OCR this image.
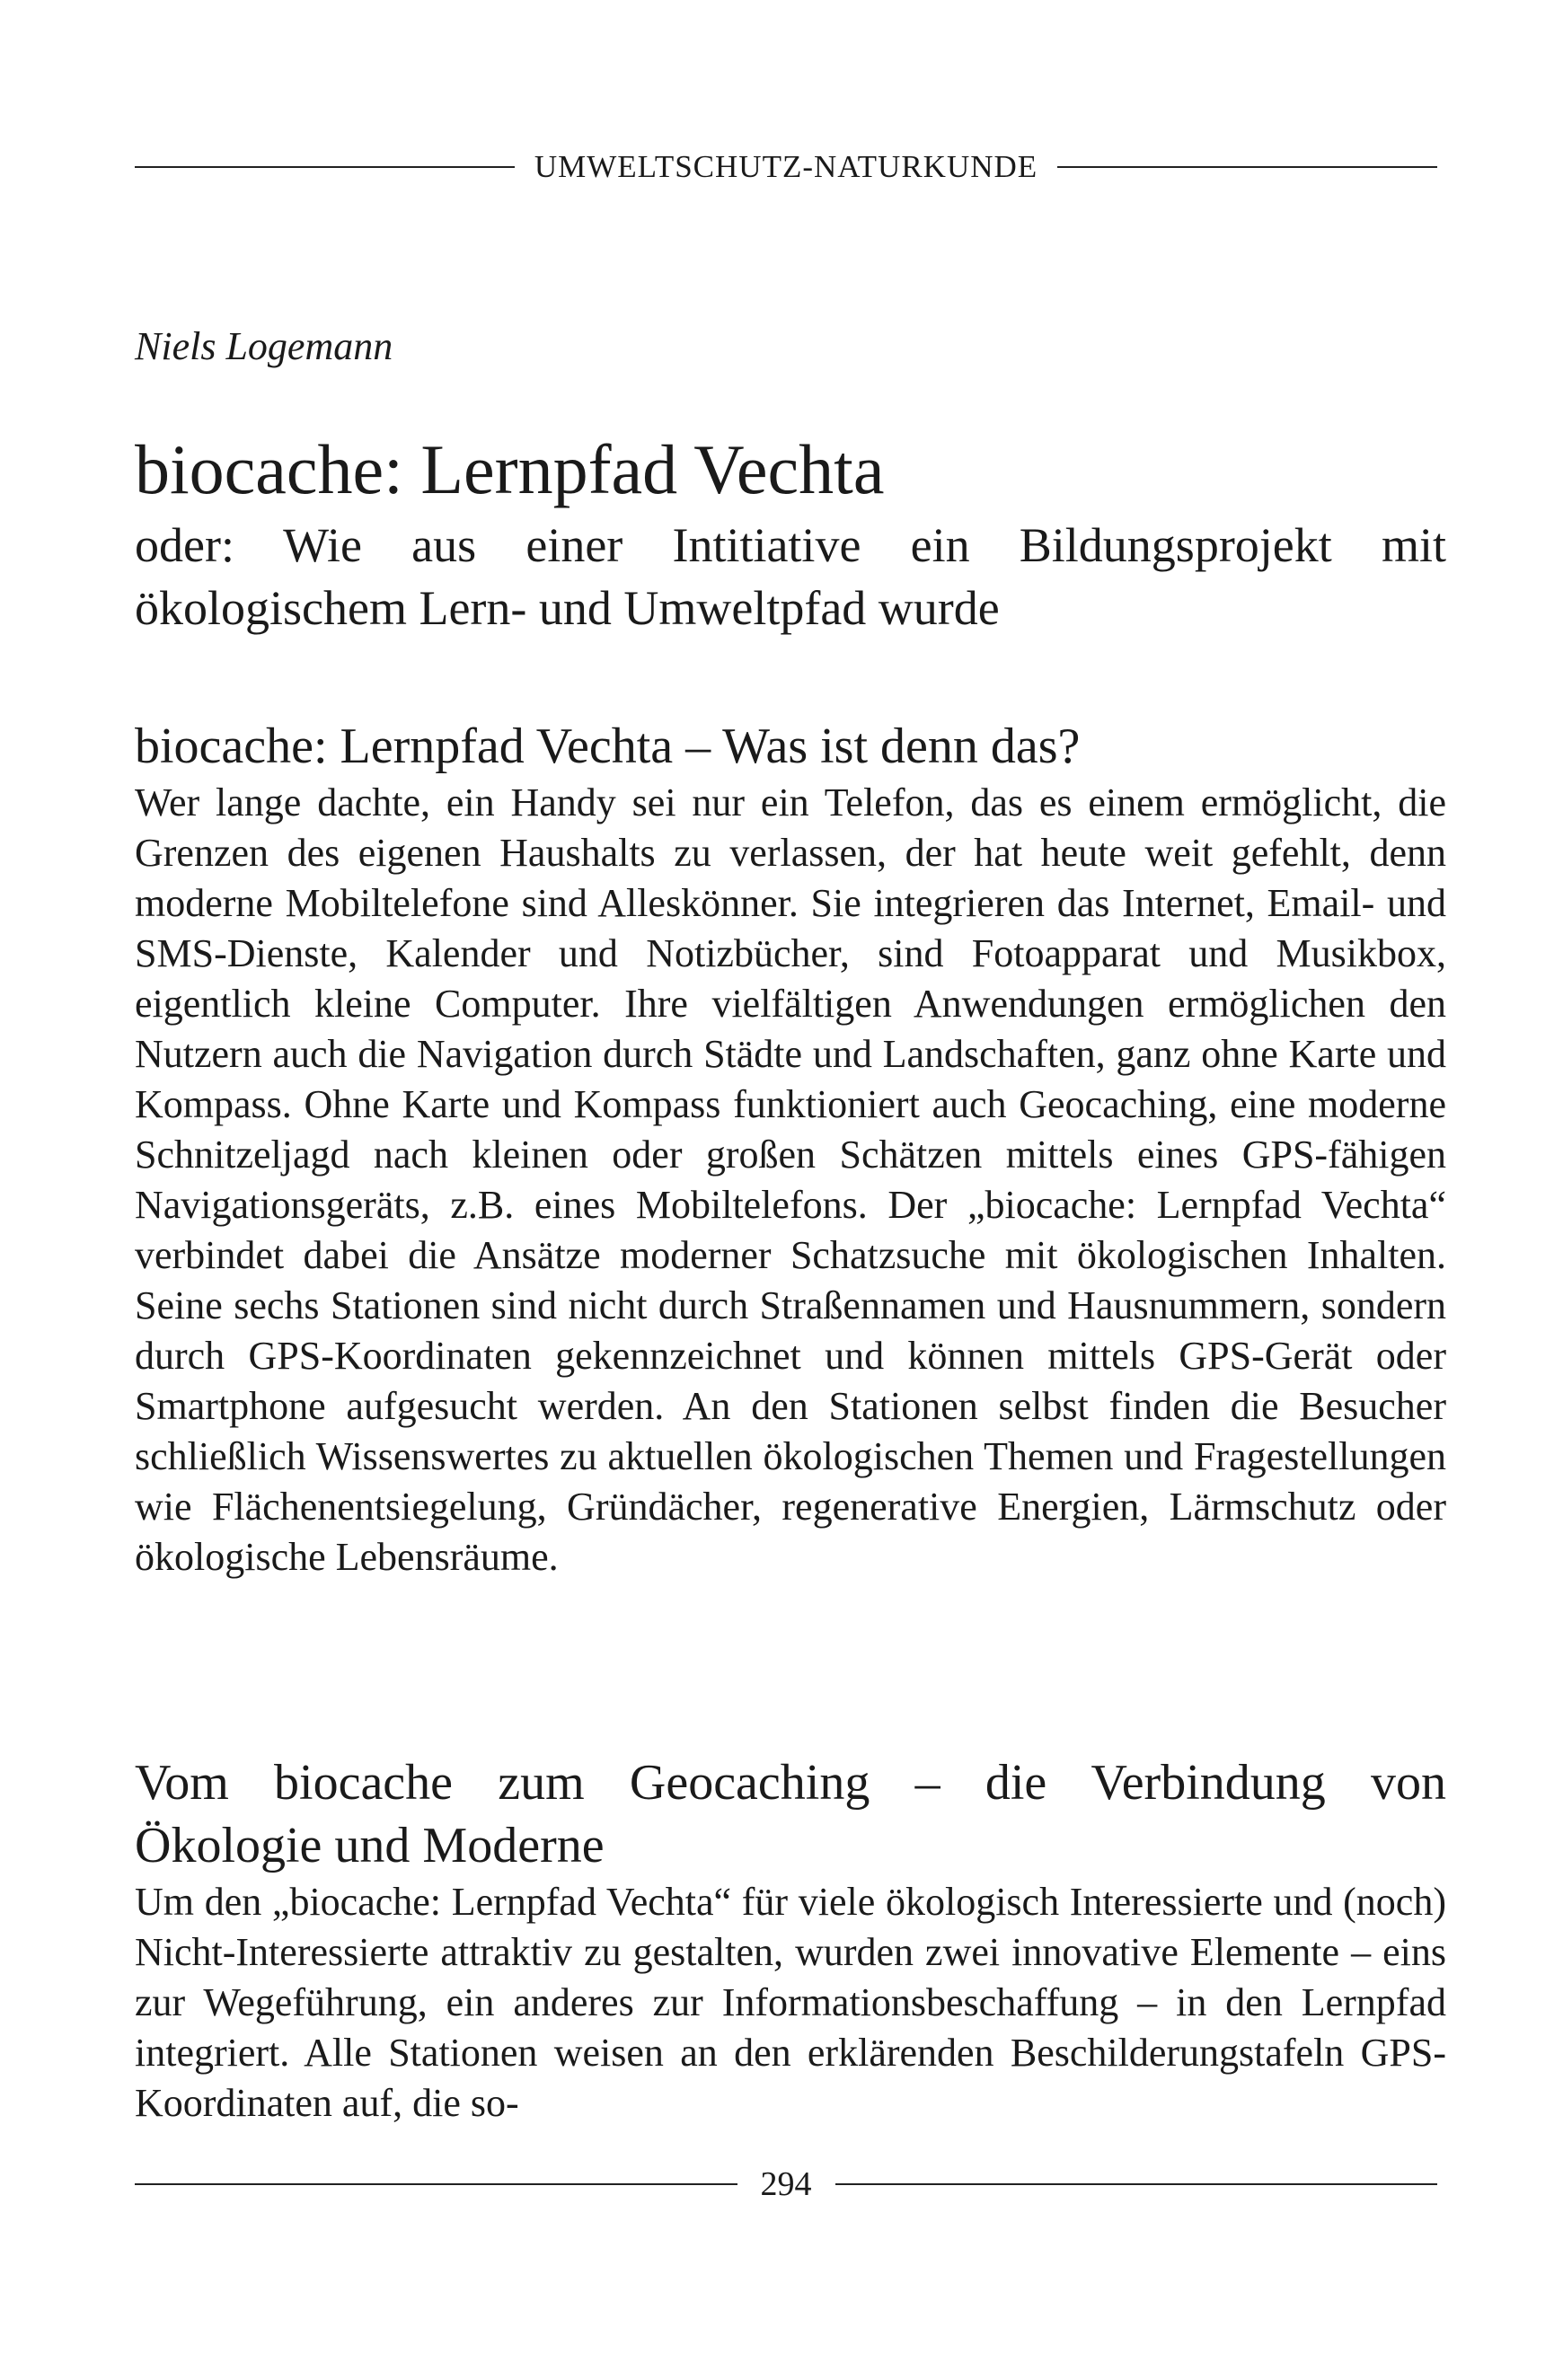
UMWELTSCHUTZ-NATURKUNDE
Niels Logemann
biocache: Lernpfad Vechta
oder: Wie aus einer Intitiative ein Bildungsprojekt mit
ökologischem Lern- und Umweltpfad wurde
biocache: Lernpfad Vechta – Was ist denn das?

Wer lange dachte, ein Handy sei nur ein Telefon, das es einem ermöglicht, die Grenzen des eigenen Haushalts zu verlassen, der hat heute weit gefehlt, denn moderne Mobiltelefone sind Alleskönner. Sie integrieren das Internet, Email- und SMS-Dienste, Kalender und Notizbücher, sind Fotoapparat und Musikbox, eigentlich kleine Computer. Ihre vielfältigen Anwendungen ermöglichen den Nutzern auch die Navigation durch Städte und Landschaften, ganz ohne Karte und Kompass. Ohne Karte und Kompass funktioniert auch Geocaching, eine moderne Schnitzeljagd nach kleinen oder großen Schätzen mittels eines GPS-fähigen Navigationsgeräts, z.B. eines Mobiltelefons. Der „biocache: Lernpfad Vechta“ verbindet dabei die Ansätze moderner Schatzsuche mit ökologischen Inhalten. Seine sechs Stationen sind nicht durch Straßennamen und Hausnummern, sondern durch GPS-Koordinaten gekennzeichnet und können mittels GPS-Gerät oder Smartphone aufgesucht werden. An den Stationen selbst finden die Besucher schließlich Wissenswertes zu aktuellen ökologischen Themen und Fragestellungen wie Flächenentsiegelung, Gründächer, regenerative Energien, Lärmschutz oder ökologische Lebensräume.

Vom biocache zum Geocaching – die Verbindung von
Ökologie und Moderne

Um den „biocache: Lernpfad Vechta“ für viele ökologisch Interessierte und (noch) Nicht-Interessierte attraktiv zu gestalten, wurden zwei innovative Elemente – eins zur Wegeführung, ein anderes zur Informationsbeschaffung – in den Lernpfad integriert. Alle Stationen weisen an den erklärenden Beschilderungstafeln GPS-Koordinaten auf, die so-

294
